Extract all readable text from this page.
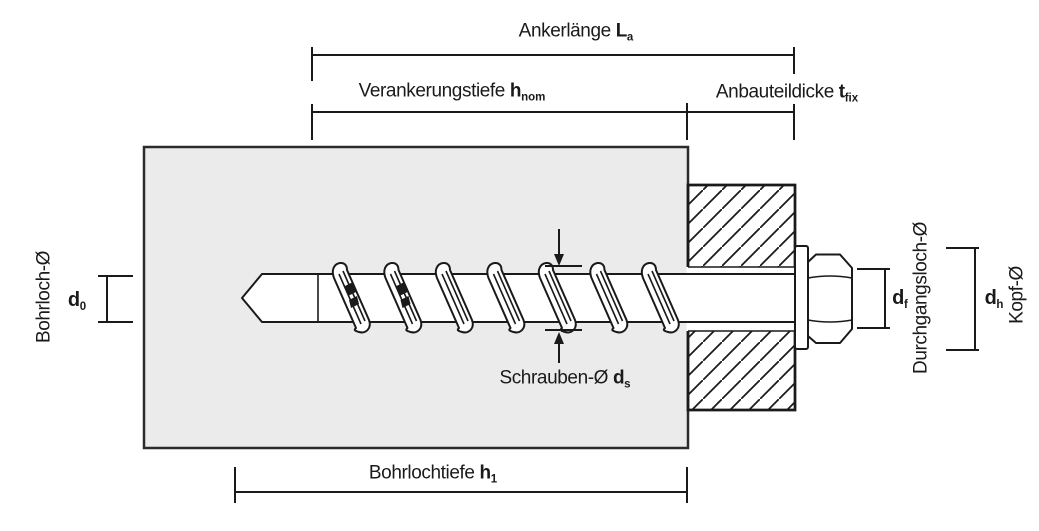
Ankerlänge La
Verankerungstiefe hnom	Anbauteildicke tfix
Schrauben-Ø ds
Bohrlochtiefe h1
Bohrloch-Ø d0	df Durchgangsloch-Ø	dh Kopf-Ø
